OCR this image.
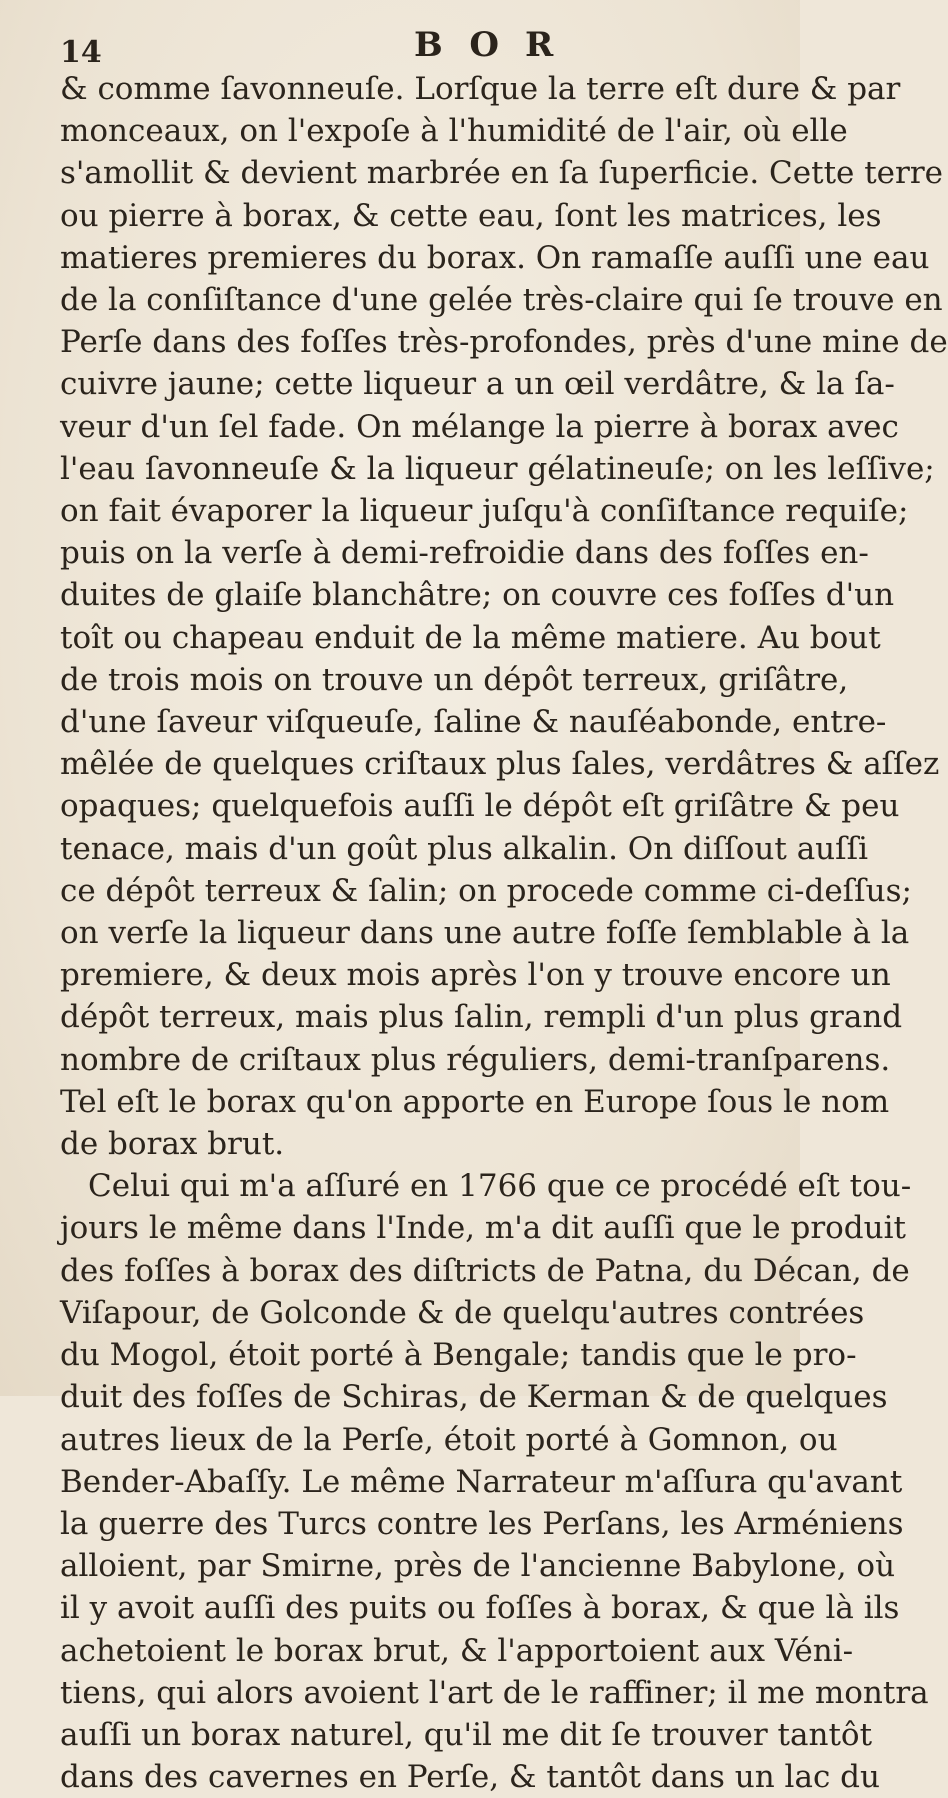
14	BOR

& comme ſavonneuſe. Lorſque la terre eſt dure & par
monceaux, on l'expoſe à l'humidité de l'air, où elle
s'amollit & devient marbrée en ſa ſuperficie. Cette terre
ou pierre à borax, & cette eau, ſont les matrices, les
matieres premieres du borax. On ramaſſe auſſi une eau
de la conſiſtance d'une gelée très-claire qui ſe trouve en
Perſe dans des foſſes très-profondes, près d'une mine de
cuivre jaune; cette liqueur a un œil verdâtre, & la ſa-
veur d'un ſel fade. On mélange la pierre à borax avec
l'eau ſavonneuſe & la liqueur gélatineuſe; on les leſſive;
on fait évaporer la liqueur juſqu'à conſiſtance requiſe;
puis on la verſe à demi-refroidie dans des foſſes en-
duites de glaiſe blanchâtre; on couvre ces foſſes d'un
toît ou chapeau enduit de la même matiere. Au bout
de trois mois on trouve un dépôt terreux, griſâtre,
d'une ſaveur viſqueuſe, ſaline & nauſéabonde, entre-
mêlée de quelques criſtaux plus ſales, verdâtres & aſſez
opaques; quelquefois auſſi le dépôt eſt griſâtre & peu
tenace, mais d'un goût plus alkalin. On diſſout auſſi
ce dépôt terreux & ſalin; on procede comme ci-deſſus;
on verſe la liqueur dans une autre foſſe ſemblable à la
premiere, & deux mois après l'on y trouve encore un
dépôt terreux, mais plus ſalin, rempli d'un plus grand
nombre de criſtaux plus réguliers, demi-tranſparens.
Tel eſt le borax qu'on apporte en Europe ſous le nom
de borax brut.

Celui qui m'a aſſuré en 1766 que ce procédé eſt tou-
jours le même dans l'Inde, m'a dit auſſi que le produit
des foſſes à borax des diſtricts de Patna, du Décan, de
Viſapour, de Golconde & de quelqu'autres contrées
du Mogol, étoit porté à Bengale; tandis que le pro-
duit des foſſes de Schiras, de Kerman & de quelques
autres lieux de la Perſe, étoit porté à Gomnon, ou
Bender-Abaſſy. Le même Narrateur m'aſſura qu'avant
la guerre des Turcs contre les Perſans, les Arméniens
alloient, par Smirne, près de l'ancienne Babylone, où
il y avoit auſſi des puits ou foſſes à borax, & que là ils
achetoient le borax brut, & l'apportoient aux Véni-
tiens, qui alors avoient l'art de le raffiner; il me montra
auſſi un borax naturel, qu'il me dit ſe trouver tantôt
dans des cavernes en Perſe, & tantôt dans un lac du
